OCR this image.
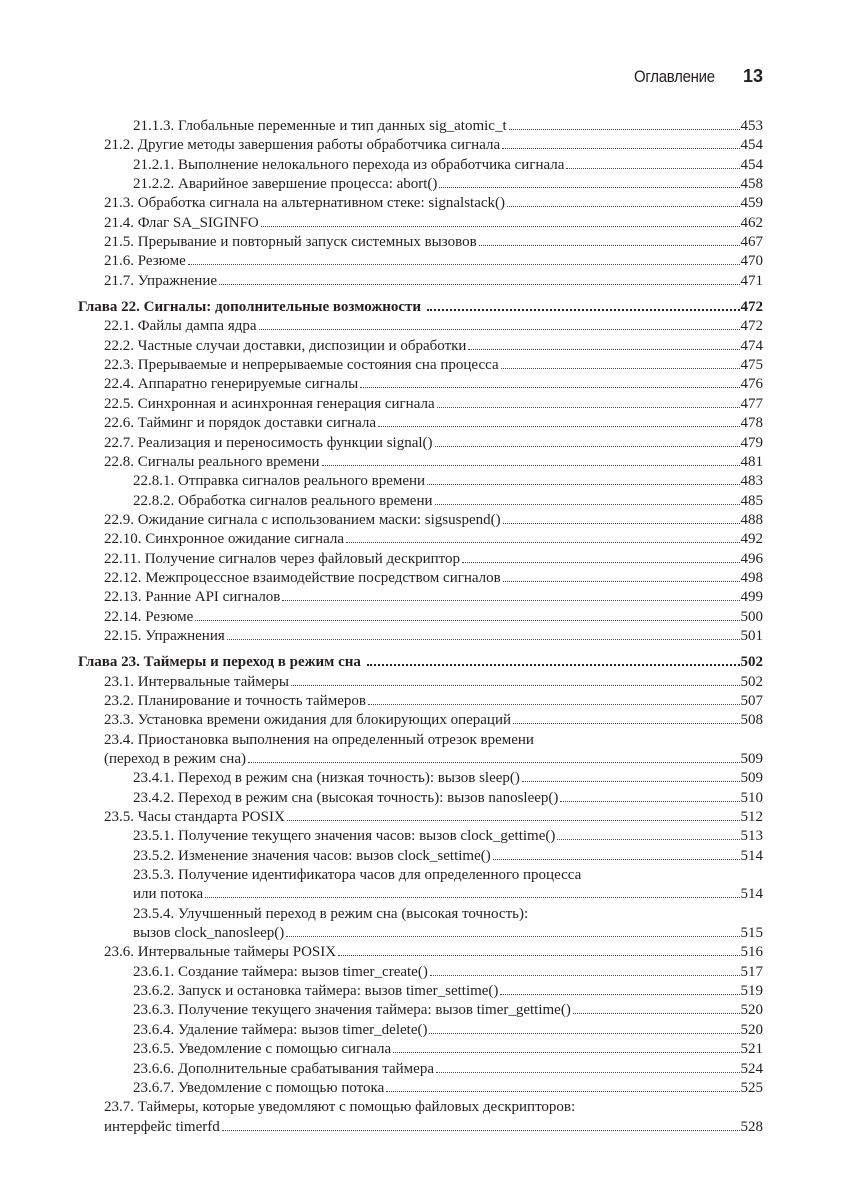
Оглавление 13
21.1.3. Глобальные переменные и тип данных sig_atomic_t	453
21.2. Другие методы завершения работы обработчика сигнала	454
21.2.1. Выполнение нелокального перехода из обработчика сигнала	454
21.2.2. Аварийное завершение процесса: abort()	458
21.3. Обработка сигнала на альтернативном стеке: signalstack()	459
21.4. Флаг SA_SIGINFO	462
21.5. Прерывание и повторный запуск системных вызовов	467
21.6. Резюме	470
21.7. Упражнение	471
Глава 22. Сигналы: дополнительные возможности	472
22.1. Файлы дампа ядра	472
22.2. Частные случаи доставки, диспозиции и обработки	474
22.3. Прерываемые и непрерываемые состояния сна процесса	475
22.4. Аппаратно генерируемые сигналы	476
22.5. Синхронная и асинхронная генерация сигнала	477
22.6. Тайминг и порядок доставки сигнала	478
22.7. Реализация и переносимость функции signal()	479
22.8. Сигналы реального времени	481
22.8.1. Отправка сигналов реального времени	483
22.8.2. Обработка сигналов реального времени	485
22.9. Ожидание сигнала с использованием маски: sigsuspend()	488
22.10. Синхронное ожидание сигнала	492
22.11. Получение сигналов через файловый дескриптор	496
22.12. Межпроцессное взаимодействие посредством сигналов	498
22.13. Ранние API сигналов	499
22.14. Резюме	500
22.15. Упражнения	501
Глава 23. Таймеры и переход в режим сна	502
23.1. Интервальные таймеры	502
23.2. Планирование и точность таймеров	507
23.3. Установка времени ожидания для блокирующих операций	508
23.4. Приостановка выполнения на определенный отрезок времени
(переход в режим сна)	509
23.4.1. Переход в режим сна (низкая точность): вызов sleep()	509
23.4.2. Переход в режим сна (высокая точность): вызов nanosleep()	510
23.5. Часы стандарта POSIX	512
23.5.1. Получение текущего значения часов: вызов clock_gettime()	513
23.5.2. Изменение значения часов: вызов clock_settime()	514
23.5.3. Получение идентификатора часов для определенного процесса
или потока	514
23.5.4. Улучшенный переход в режим сна (высокая точность):
вызов clock_nanosleep()	515
23.6. Интервальные таймеры POSIX	516
23.6.1. Создание таймера: вызов timer_create()	517
23.6.2. Запуск и остановка таймера: вызов timer_settime()	519
23.6.3. Получение текущего значения таймера: вызов timer_gettime()	520
23.6.4. Удаление таймера: вызов timer_delete()	520
23.6.5. Уведомление с помощью сигнала	521
23.6.6. Дополнительные срабатывания таймера	524
23.6.7. Уведомление с помощью потока	525
23.7. Таймеры, которые уведомляют с помощью файловых дескрипторов:
интерфейс timerfd	528
